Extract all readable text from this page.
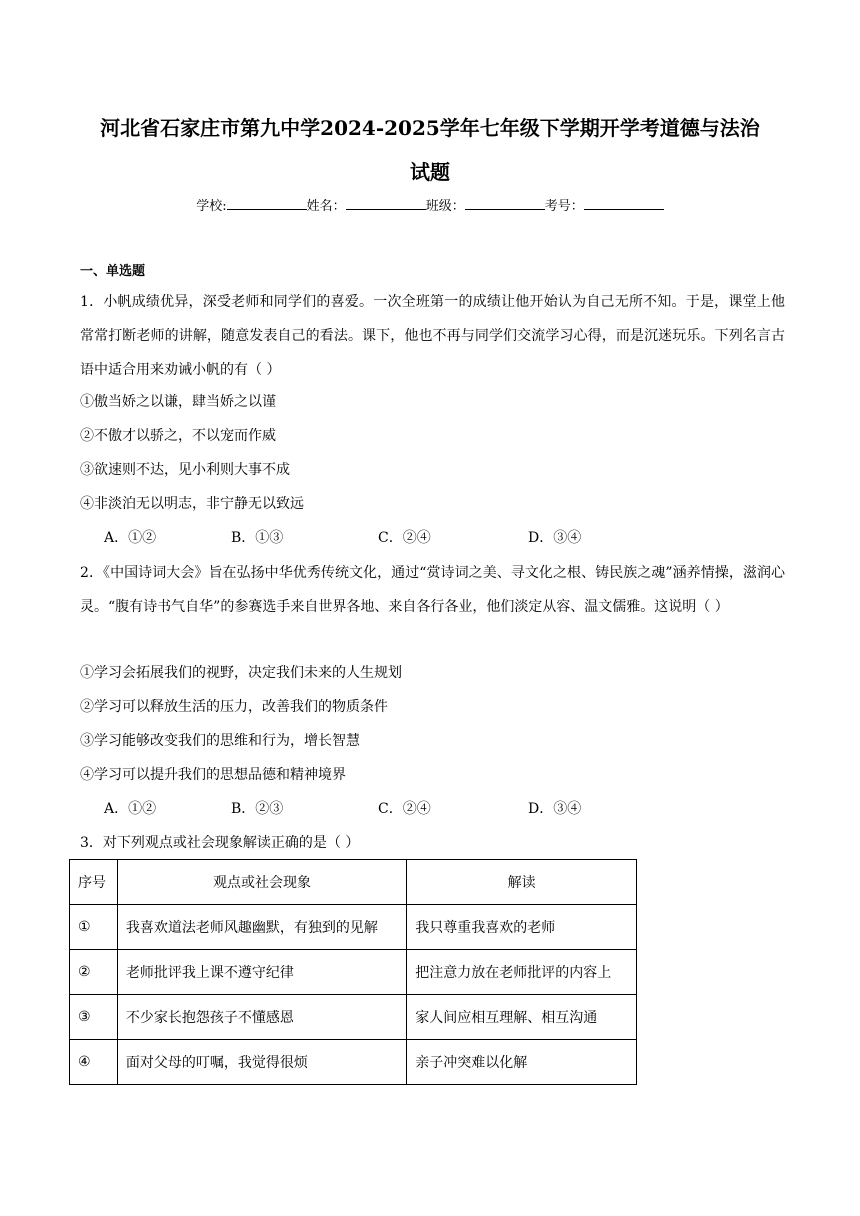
河北省石家庄市第九中学2024-2025学年七年级下学期开学考道德与法治
试题
学校:	姓名：	班级：	考号：
一、单选题

1．小帆成绩优异，深受老师和同学们的喜爱。一次全班第一的成绩让他开始认为自己无所不知。于是，课堂上他常常打断老师的讲解，随意发表自己的看法。课下，他也不再与同学们交流学习心得，而是沉迷玩乐。下列名言古语中适合用来劝诫小帆的有（ ）

①傲当娇之以谦，肆当娇之以谨
②不傲才以骄之，不以宠而作威
③欲速则不达，见小利则大事不成
④非淡泊无以明志，非宁静无以致远
A．①②	B．①③	C．②④	D．③④

2．《中国诗词大会》旨在弘扬中华优秀传统文化，通过“赏诗词之美、寻文化之根、铸民族之魂”涵养情操，滋润心灵。“腹有诗书气自华”的参赛选手来自世界各地、来自各行各业，他们淡定从容、温文儒雅。这说明（ ）

①学习会拓展我们的视野，决定我们未来的人生规划
②学习可以释放生活的压力，改善我们的物质条件
③学习能够改变我们的思维和行为，增长智慧
④学习可以提升我们的思想品德和精神境界
A．①②	B．②③	C．②④	D．③④
3．对下列观点或社会现象解读正确的是（ ）
序号	观点或社会现象	解读
①	我喜欢道法老师风趣幽默，有独到的见解	我只尊重我喜欢的老师
②	老师批评我上课不遵守纪律	把注意力放在老师批评的内容上
③	不少家长抱怨孩子不懂感恩	家人间应相互理解、相互沟通
④	面对父母的叮嘱，我觉得很烦	亲子冲突难以化解
